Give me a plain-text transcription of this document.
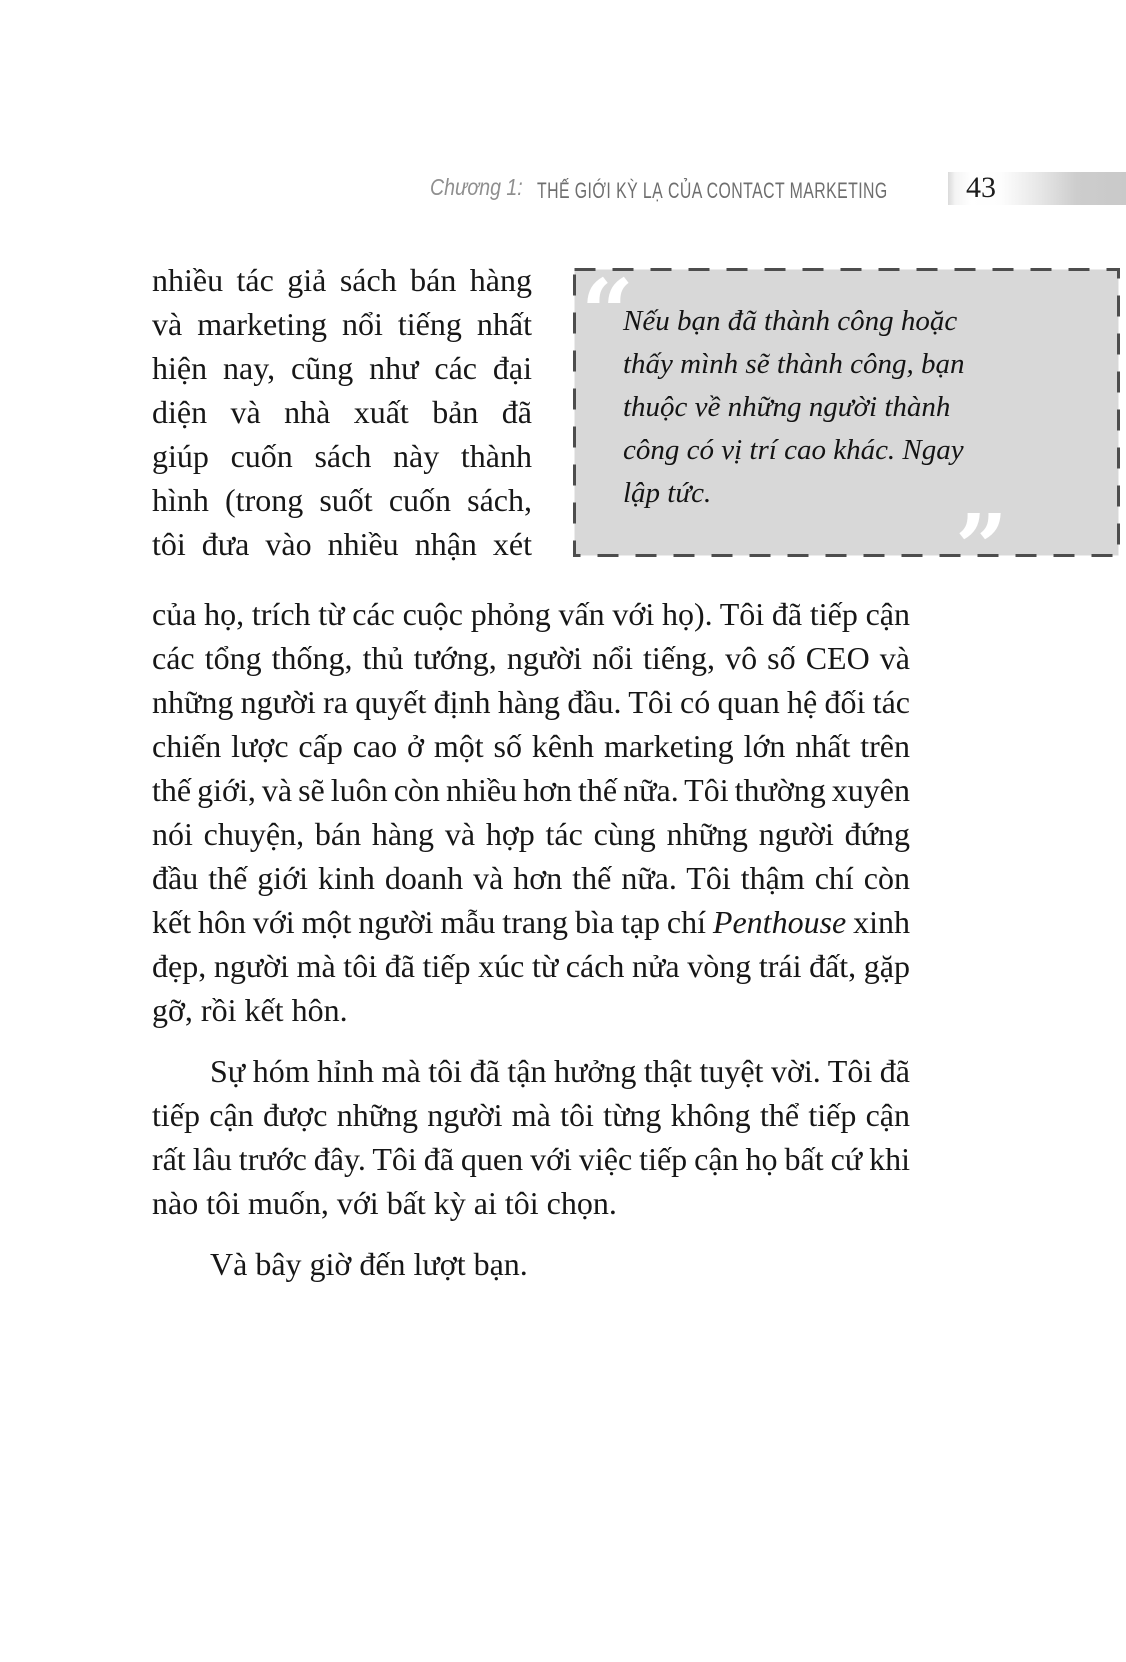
Chương 1: THẾ GIỚI KỲ LẠ CỦA CONTACT MARKETING	43
nhiều tác giả sách bán hàng
và marketing nổi tiếng nhất
hiện nay, cũng như các đại
diện và nhà xuất bản đã
giúp cuốn sách này thành
hình (trong suốt cuốn sách,
tôi đưa vào nhiều nhận xét
“
Nếu bạn đã thành công hoặc
thấy mình sẽ thành công, bạn
thuộc về những người thành
công có vị trí cao khác. Ngay
lập tức.
”
của họ, trích từ các cuộc phỏng vấn với họ). Tôi đã tiếp cận
các tổng thống, thủ tướng, người nổi tiếng, vô số CEO và
những người ra quyết định hàng đầu. Tôi có quan hệ đối tác
chiến lược cấp cao ở một số kênh marketing lớn nhất trên
thế giới, và sẽ luôn còn nhiều hơn thế nữa. Tôi thường xuyên
nói chuyện, bán hàng và hợp tác cùng những người đứng
đầu thế giới kinh doanh và hơn thế nữa. Tôi thậm chí còn
kết hôn với một người mẫu trang bìa tạp chí Penthouse xinh
đẹp, người mà tôi đã tiếp xúc từ cách nửa vòng trái đất, gặp
gỡ, rồi kết hôn.
Sự hóm hỉnh mà tôi đã tận hưởng thật tuyệt vời. Tôi đã
tiếp cận được những người mà tôi từng không thể tiếp cận
rất lâu trước đây. Tôi đã quen với việc tiếp cận họ bất cứ khi
nào tôi muốn, với bất kỳ ai tôi chọn.
Và bây giờ đến lượt bạn.
